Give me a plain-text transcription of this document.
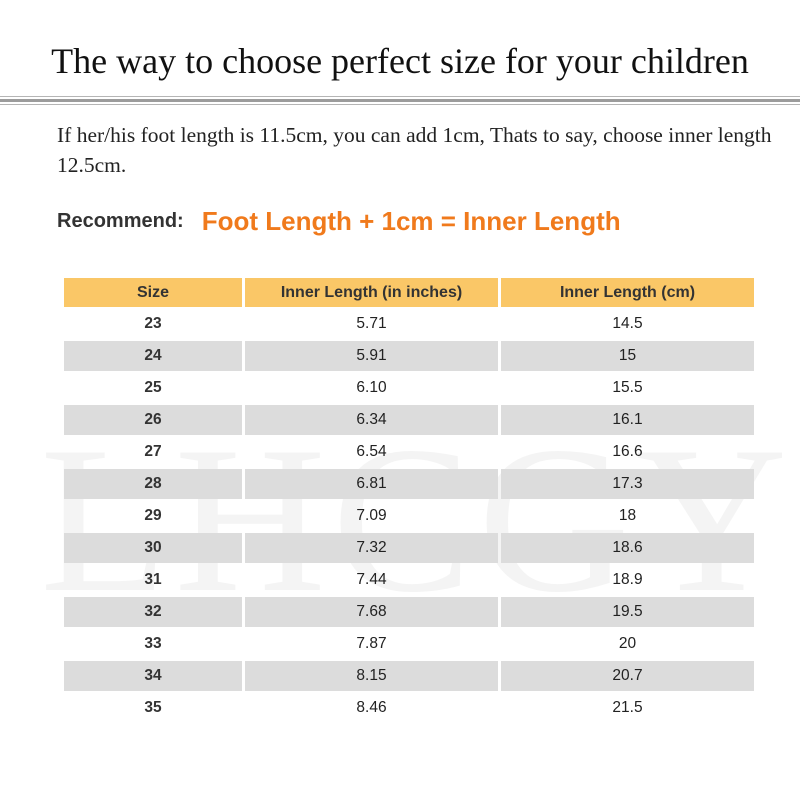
The way to choose perfect size for your children
If her/his foot length is 11.5cm, you can add 1cm, Thats to say, choose inner length 12.5cm.
Recommend: Foot Length + 1cm = Inner Length
Size	Inner Length (in inches)	Inner Length (cm)
23	5.71	14.5
24	5.91	15
25	6.10	15.5
26	6.34	16.1
27	6.54	16.6
28	6.81	17.3
29	7.09	18
30	7.32	18.6
31	7.44	18.9
32	7.68	19.5
33	7.87	20
34	8.15	20.7
35	8.46	21.5
